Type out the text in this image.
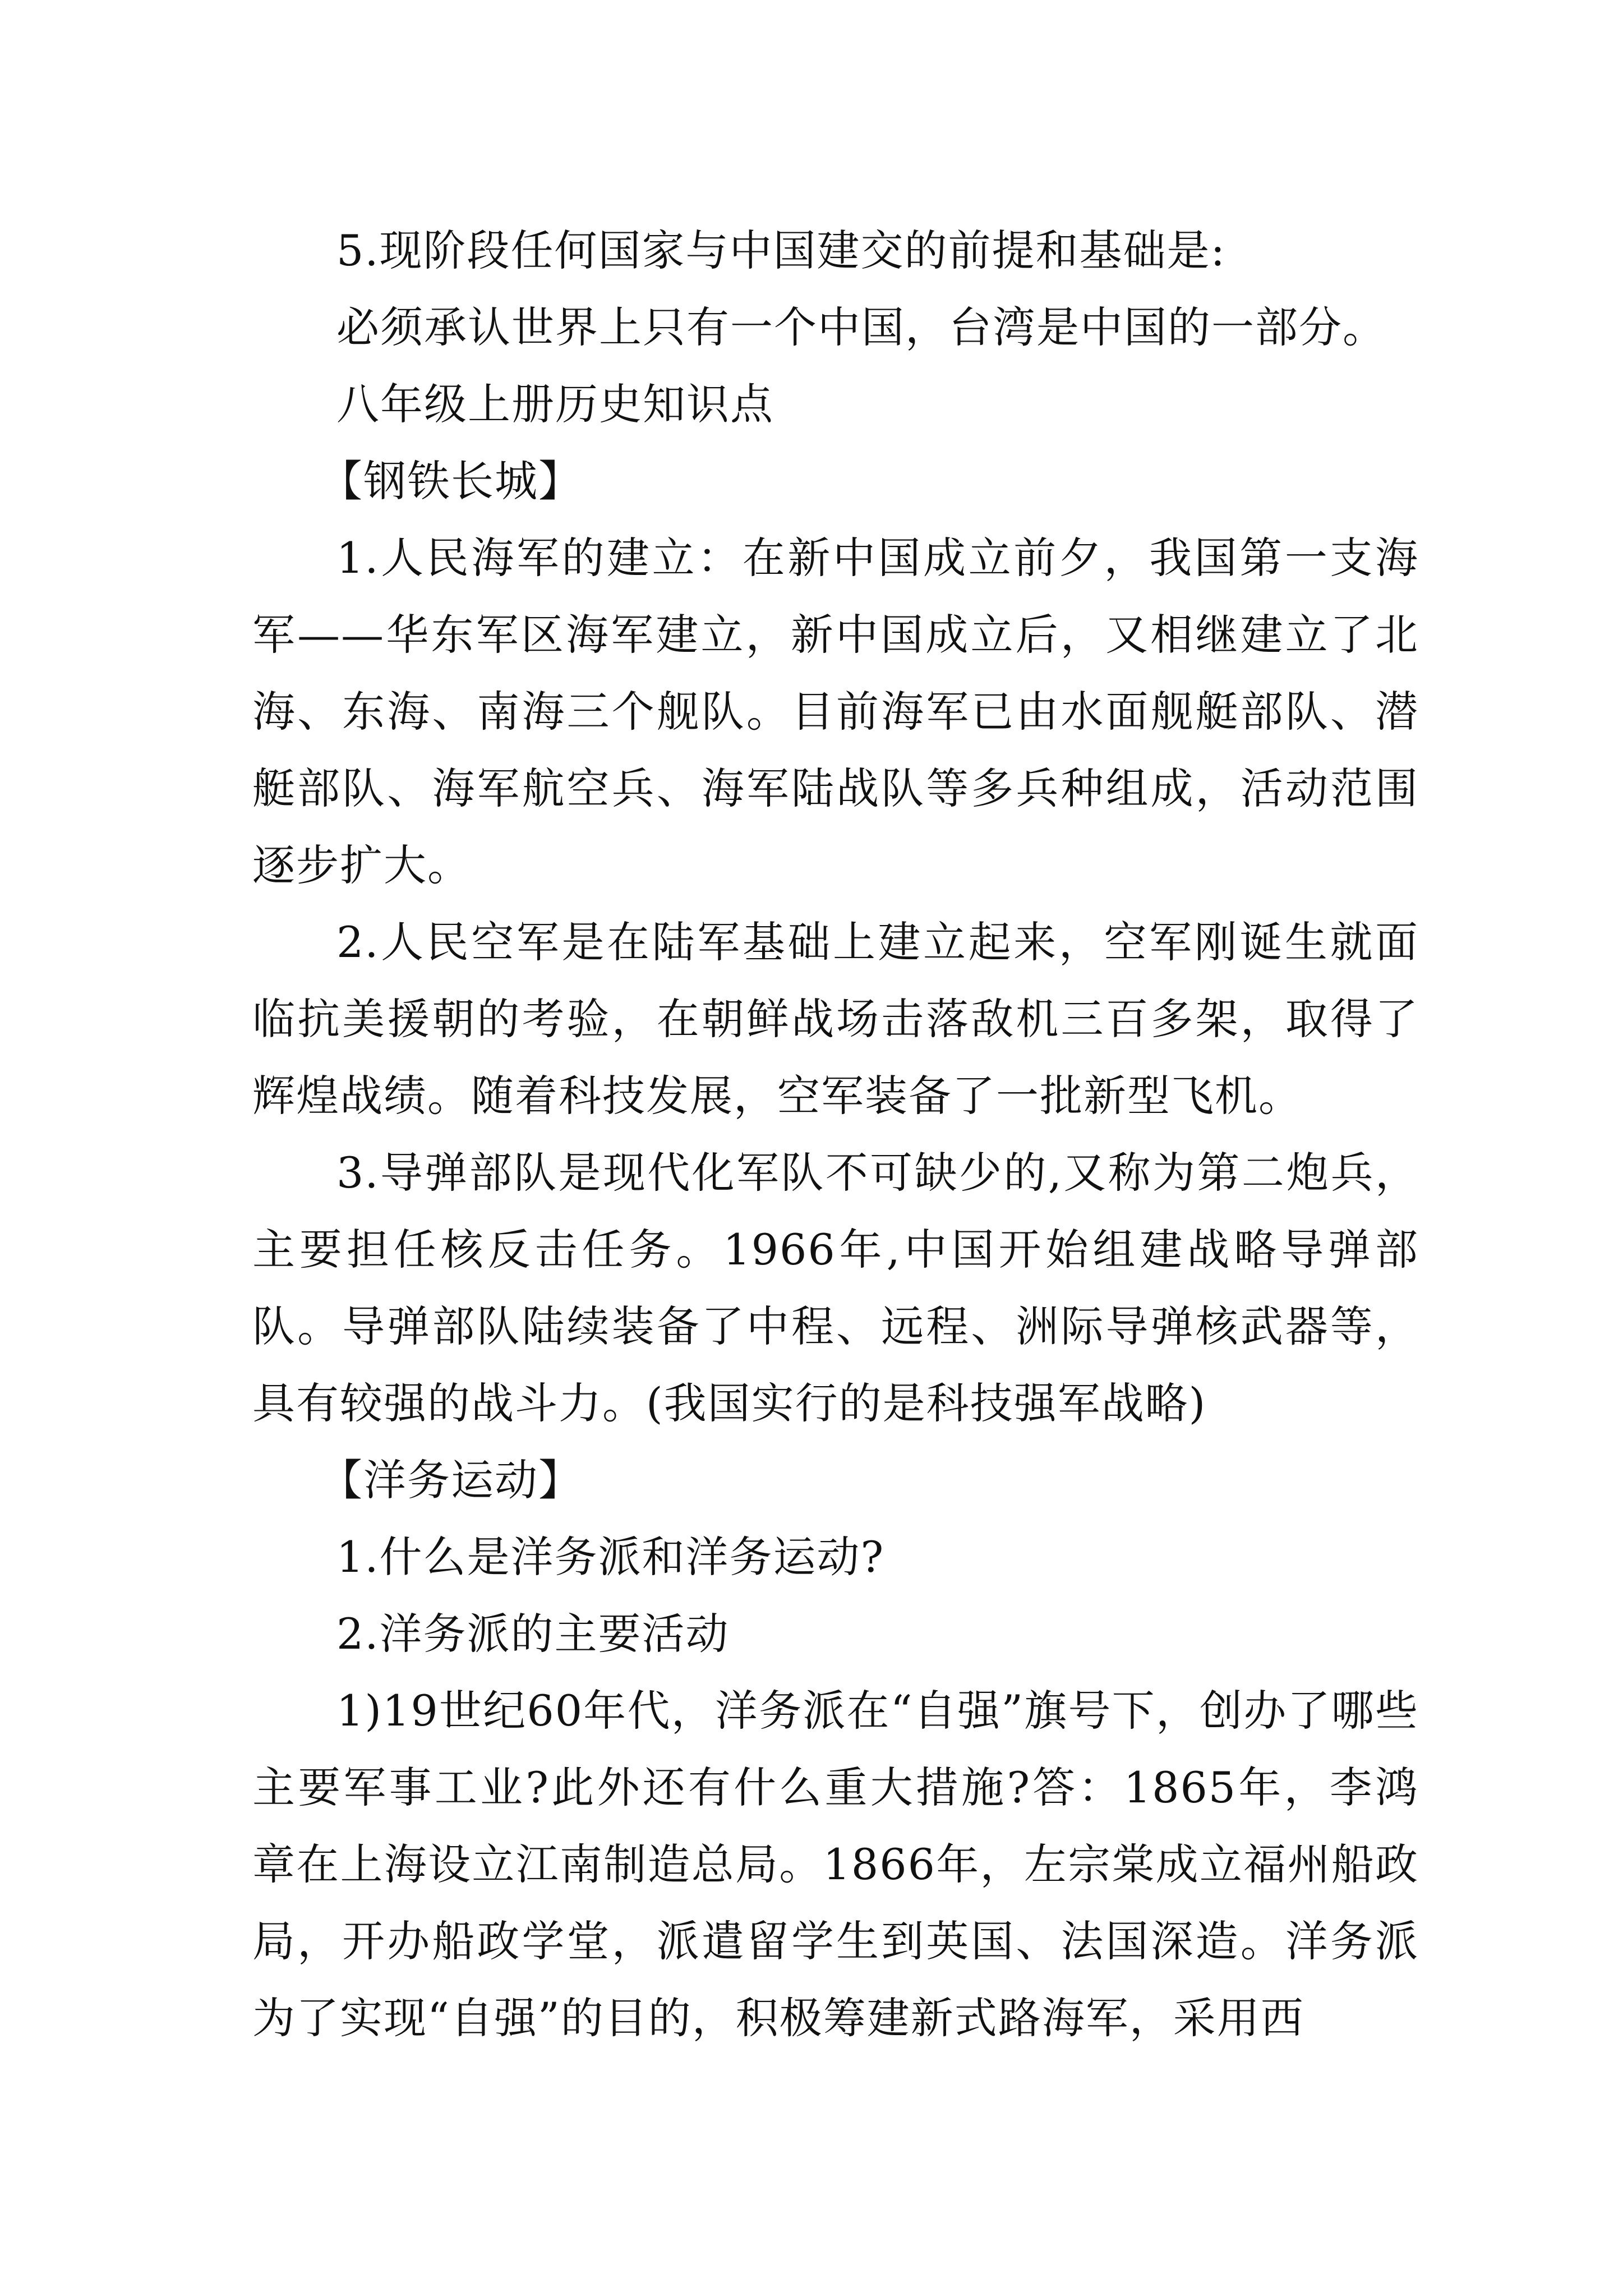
5.现阶段任何国家与中国建交的前提和基础是:

必须承认世界上只有一个中国，台湾是中国的一部分。

八年级上册历史知识点

【钢铁长城】

1.人民海军的建立：在新中国成立前夕，我国第一支海军——华东军区海军建立，新中国成立后，又相继建立了北海、东海、南海三个舰队。目前海军已由水面舰艇部队、潜艇部队、海军航空兵、海军陆战队等多兵种组成，活动范围逐步扩大。

2.人民空军是在陆军基础上建立起来，空军刚诞生就面临抗美援朝的考验，在朝鲜战场击落敌机三百多架，取得了辉煌战绩。随着科技发展，空军装备了一批新型飞机。

3.导弹部队是现代化军队不可缺少的,又称为第二炮兵，主要担任核反击任务。1966年,中国开始组建战略导弹部队。导弹部队陆续装备了中程、远程、洲际导弹核武器等，具有较强的战斗力。(我国实行的是科技强军战略)

【洋务运动】

1.什么是洋务派和洋务运动?

2.洋务派的主要活动

1)19世纪60年代，洋务派在“自强”旗号下，创办了哪些主要军事工业?此外还有什么重大措施?答：1865年，李鸿章在上海设立江南制造总局。1866年，左宗棠成立福州船政局，开办船政学堂，派遣留学生到英国、法国深造。洋务派为了实现“自强”的目的，积极筹建新式路海军，采用西
